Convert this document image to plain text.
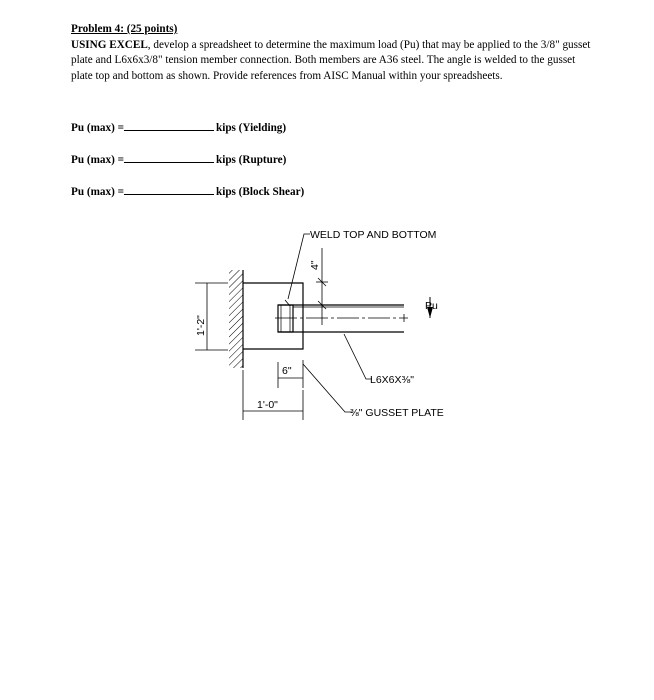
Problem 4: (25 points)
USING EXCEL, develop a spreadsheet to determine the maximum load (Pu) that may be applied to the 3/8" gusset plate and L6x6x3/8" tension member connection. Both members are A36 steel. The angle is welded to the gusset plate top and bottom as shown. Provide references from AISC Manual within your spreadsheets.
Pu (max) =	kips (Yielding)
Pu (max) =	kips (Rupture)
Pu (max) =	kips (Block Shear)
Pu
4"
WELD TOP AND BOTTOM
1'-2"
6"
1'-0"
L6X6X⅜"
⅜" GUSSET PLATE
